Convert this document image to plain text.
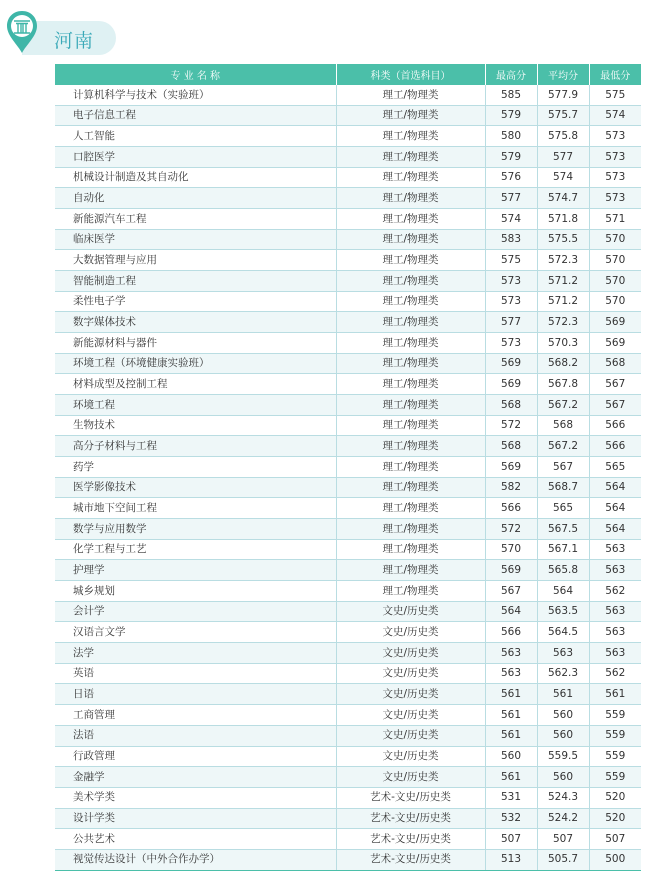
河南
专 业 名 称	科类（首选科目）	最高分	平均分	最低分
计算机科学与技术（实验班）	理工/物理类	585	577.9	575
电子信息工程	理工/物理类	579	575.7	574
人工智能	理工/物理类	580	575.8	573
口腔医学	理工/物理类	579	577	573
机械设计制造及其自动化	理工/物理类	576	574	573
自动化	理工/物理类	577	574.7	573
新能源汽车工程	理工/物理类	574	571.8	571
临床医学	理工/物理类	583	575.5	570
大数据管理与应用	理工/物理类	575	572.3	570
智能制造工程	理工/物理类	573	571.2	570
柔性电子学	理工/物理类	573	571.2	570
数字媒体技术	理工/物理类	577	572.3	569
新能源材料与器件	理工/物理类	573	570.3	569
环境工程（环境健康实验班）	理工/物理类	569	568.2	568
材料成型及控制工程	理工/物理类	569	567.8	567
环境工程	理工/物理类	568	567.2	567
生物技术	理工/物理类	572	568	566
高分子材料与工程	理工/物理类	568	567.2	566
药学	理工/物理类	569	567	565
医学影像技术	理工/物理类	582	568.7	564
城市地下空间工程	理工/物理类	566	565	564
数学与应用数学	理工/物理类	572	567.5	564
化学工程与工艺	理工/物理类	570	567.1	563
护理学	理工/物理类	569	565.8	563
城乡规划	理工/物理类	567	564	562
会计学	文史/历史类	564	563.5	563
汉语言文学	文史/历史类	566	564.5	563
法学	文史/历史类	563	563	563
英语	文史/历史类	563	562.3	562
日语	文史/历史类	561	561	561
工商管理	文史/历史类	561	560	559
法语	文史/历史类	561	560	559
行政管理	文史/历史类	560	559.5	559
金融学	文史/历史类	561	560	559
美术学类	艺术-文史/历史类	531	524.3	520
设计学类	艺术-文史/历史类	532	524.2	520
公共艺术	艺术-文史/历史类	507	507	507
视觉传达设计（中外合作办学）	艺术-文史/历史类	513	505.7	500
